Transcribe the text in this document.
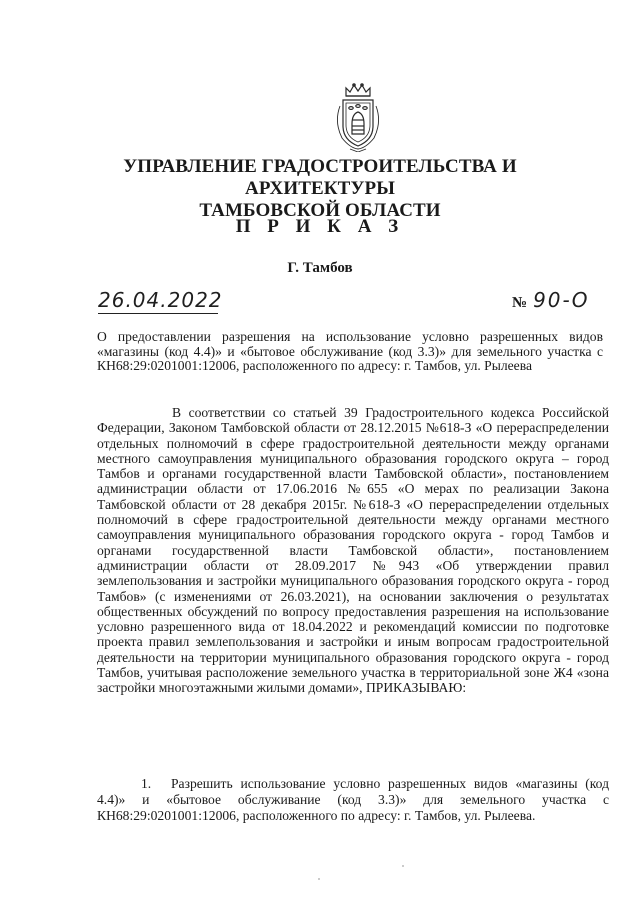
УПРАВЛЕНИЕ ГРАДОСТРОИТЕЛЬСТВА И АРХИТЕКТУРЫ
ТАМБОВСКОЙ ОБЛАСТИ
П Р И К А З
Г. Тамбов
26.04.2022	№ 90-О
О предоставлении разрешения на использование условно разрешенных видов «магазины (код 4.4)» и «бытовое обслуживание (код 3.3)» для земельного участка с КН68:29:0201001:12006, расположенного по адресу: г. Тамбов, ул. Рылеева

В соответствии со статьей 39 Градостроительного кодекса Российской Федерации, Законом Тамбовской области от 28.12.2015 №618-З «О перераспределении отдельных полномочий в сфере градостроительной деятельности между органами местного самоуправления муниципального образования городского округа – город Тамбов и органами государственной власти Тамбовской области», постановлением администрации области от 17.06.2016 №655 «О мерах по реализации Закона Тамбовской области от 28 декабря 2015г. №618-З «О перераспределении отдельных полномочий в сфере градостроительной деятельности между органами местного самоуправления муниципального образования городского округа - город Тамбов и органами государственной власти Тамбовской области», постановлением администрации области от 28.09.2017 №943 «Об утверждении правил землепользования и застройки муниципального образования городского округа - город Тамбов» (с изменениями от 26.03.2021), на основании заключения о результатах общественных обсуждений по вопросу предоставления разрешения на использование условно разрешенного вида от 18.04.2022 и рекомендаций комиссии по подготовке проекта правил землепользования и застройки и иным вопросам градостроительной деятельности на территории муниципального образования городского округа - город Тамбов, учитывая расположение земельного участка в территориальной зоне Ж4 «зона застройки многоэтажными жилыми домами», ПРИКАЗЫВАЮ:

1. Разрешить использование условно разрешенных видов «магазины (код 4.4)» и «бытовое обслуживание (код 3.3)» для земельного участка с КН68:29:0201001:12006, расположенного по адресу: г. Тамбов, ул. Рылеева.
